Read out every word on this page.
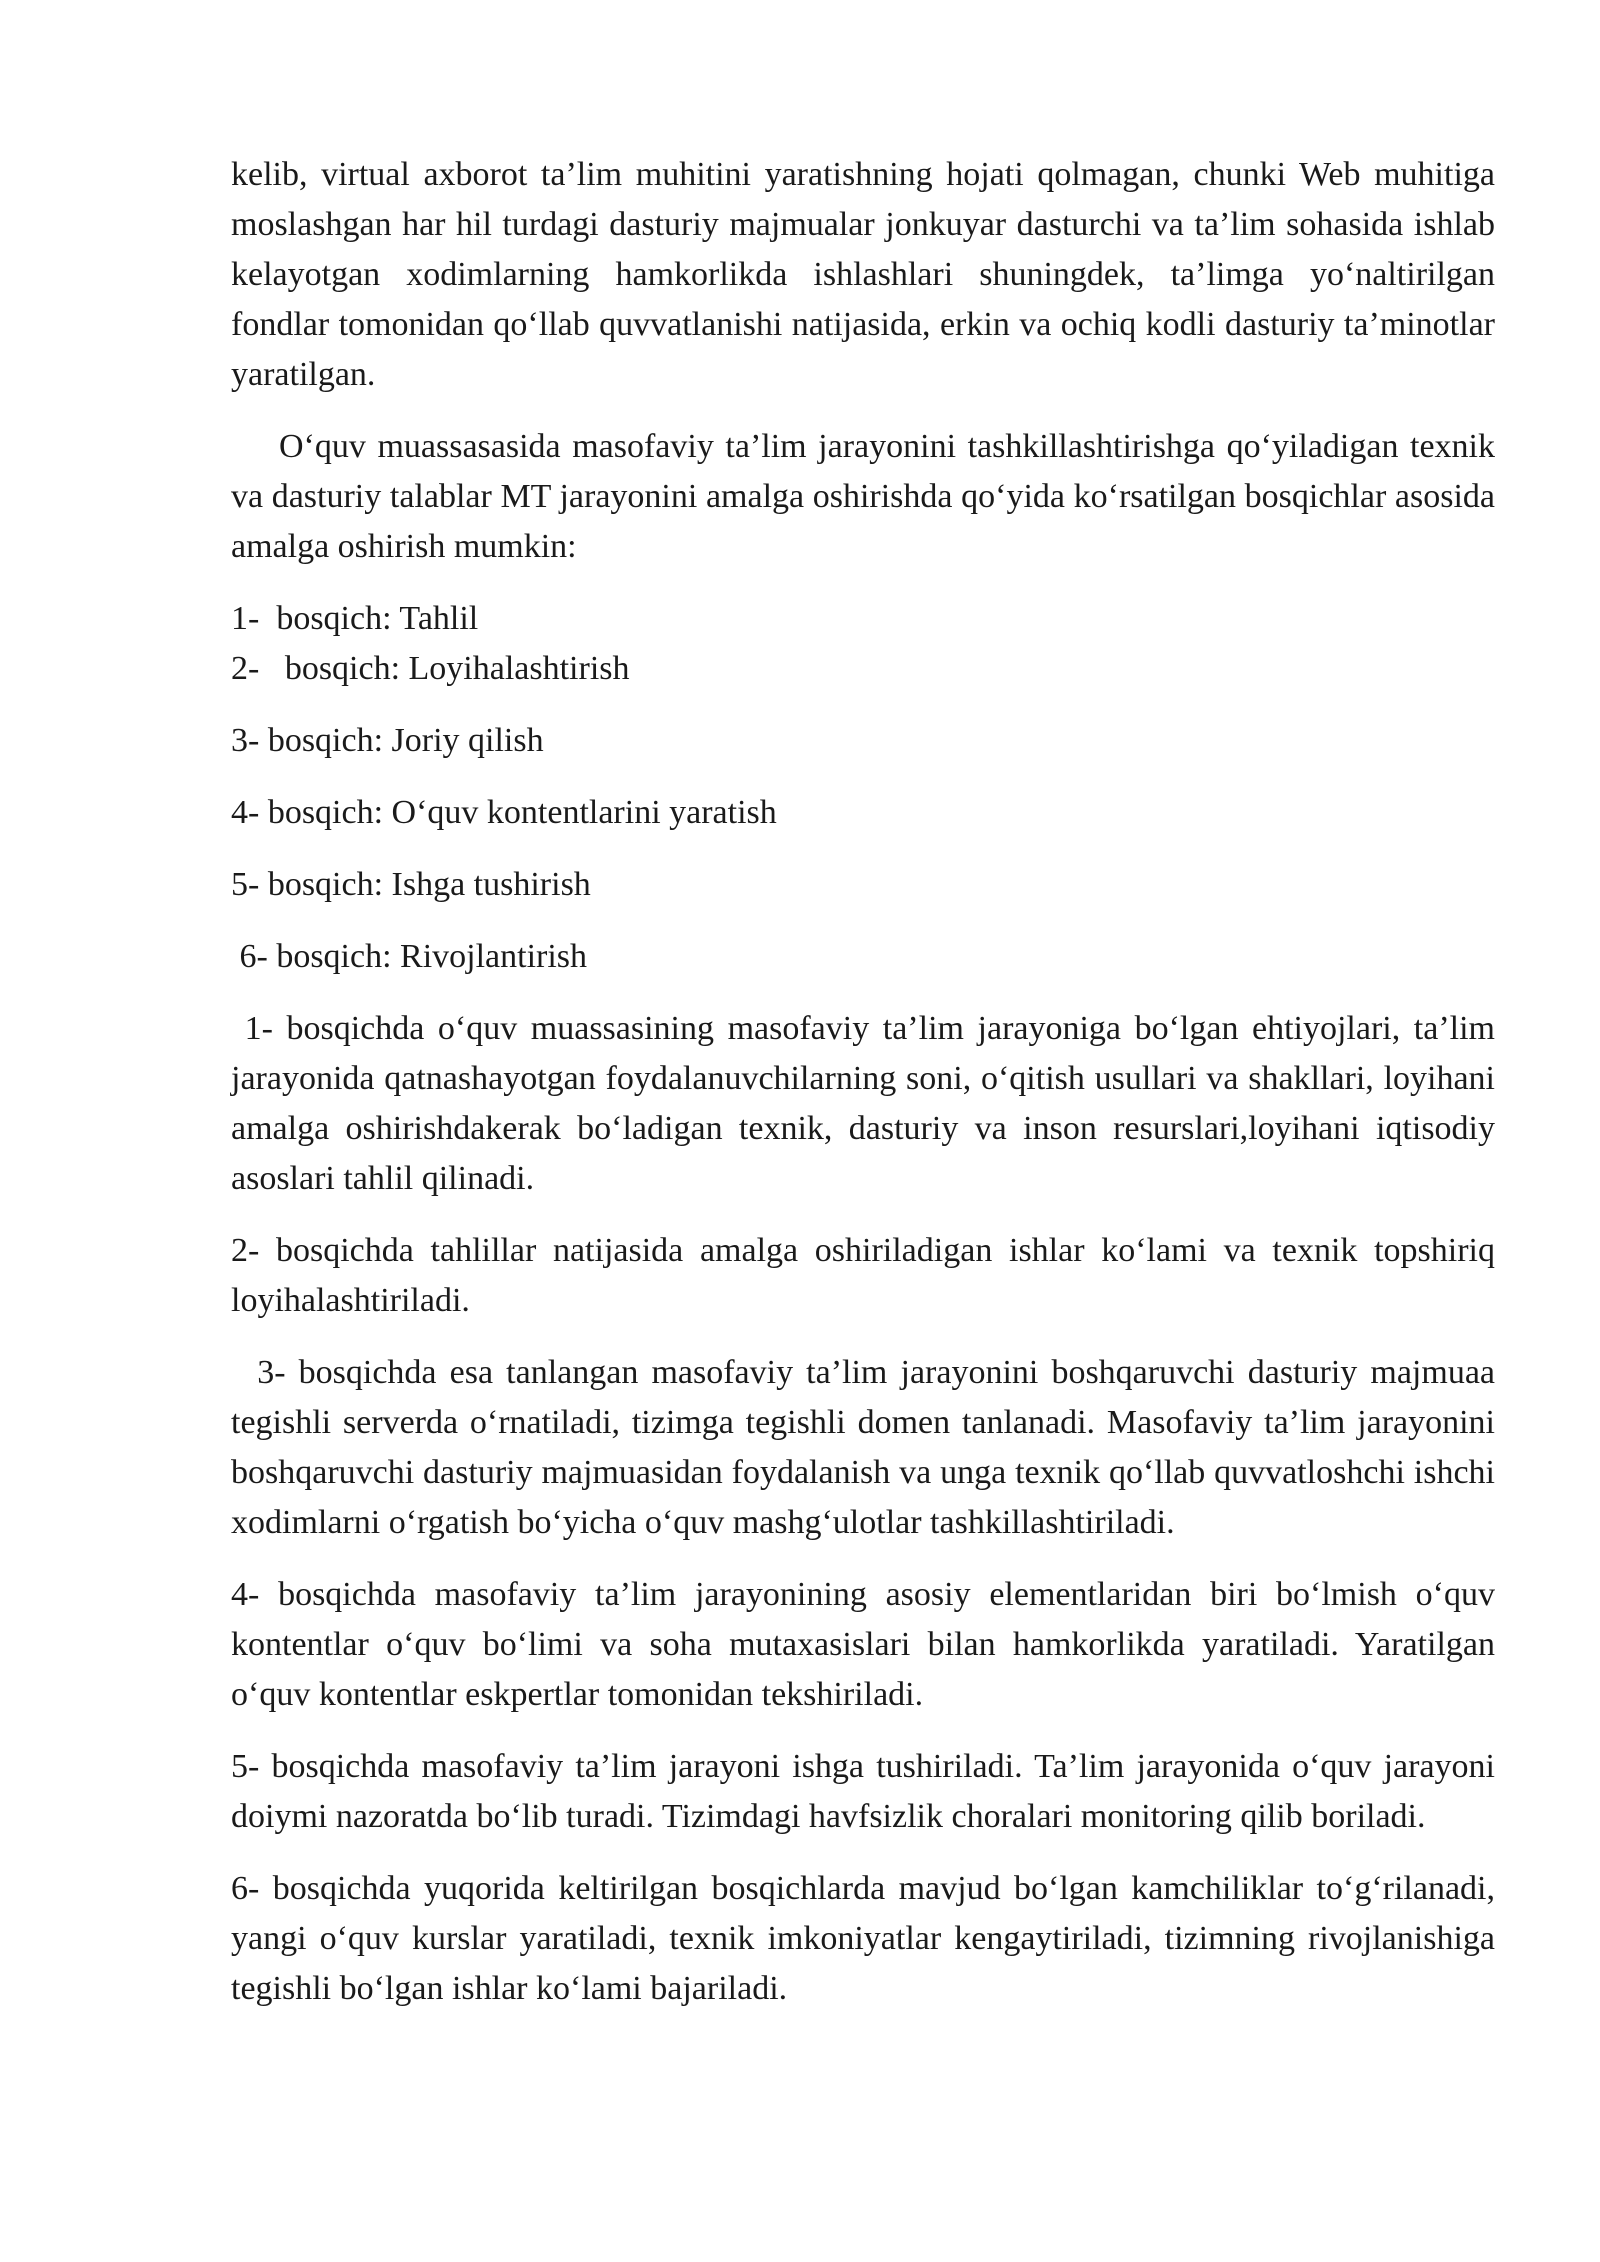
kelib, virtual axborot ta’lim muhitini yaratishning hojati qolmagan, chunki Web muhitiga moslashgan har hil turdagi dasturiy majmualar jonkuyar dasturchi va ta’lim sohasida ishlab kelayotgan xodimlarning hamkorlikda ishlashlari shuningdek, ta’limga yo‘naltirilgan fondlar tomonidan qo‘llab quvvatlanishi natijasida, erkin va ochiq kodli dasturiy ta’minotlar yaratilgan.

O‘quv muassasasida masofaviy ta’lim jarayonini tashkillashtirishga qo‘yiladigan texnik va dasturiy talablar MT jarayonini amalga oshirishda qo‘yida ko‘rsatilgan bosqichlar asosida amalga oshirish mumkin:

1-  bosqich: Tahlil

2-   bosqich: Loyihalashtirish

3- bosqich: Joriy qilish

4- bosqich: O‘quv kontentlarini yaratish

5- bosqich: Ishga tushirish

6- bosqich: Rivojlantirish

1- bosqichda o‘quv muassasining masofaviy ta’lim jarayoniga bo‘lgan ehtiyojlari, ta’lim jarayonida qatnashayotgan foydalanuvchilarning soni, o‘qitish usullari va shakllari, loyihani amalga oshirishdakerak bo‘ladigan texnik, dasturiy va inson resurslari,loyihani iqtisodiy asoslari tahlil qilinadi.

2- bosqichda tahlillar natijasida amalga oshiriladigan ishlar ko‘lami va texnik topshiriq loyihalashtiriladi.

3- bosqichda esa tanlangan masofaviy ta’lim jarayonini boshqaruvchi dasturiy majmuaa tegishli serverda o‘rnatiladi, tizimga tegishli domen tanlanadi. Masofaviy ta’lim jarayonini boshqaruvchi dasturiy majmuasidan foydalanish va unga texnik qo‘llab quvvatloshchi ishchi xodimlarni o‘rgatish bo‘yicha o‘quv mashg‘ulotlar tashkillashtiriladi.

4- bosqichda masofaviy ta’lim jarayonining asosiy elementlaridan biri bo‘lmish o‘quv kontentlar o‘quv bo‘limi va soha mutaxasislari bilan hamkorlikda yaratiladi. Yaratilgan o‘quv kontentlar eskpertlar tomonidan tekshiriladi.

5- bosqichda masofaviy ta’lim jarayoni ishga tushiriladi. Ta’lim jarayonida o‘quv jarayoni doiymi nazoratda bo‘lib turadi. Tizimdagi havfsizlik choralari monitoring qilib boriladi.

6- bosqichda yuqorida keltirilgan bosqichlarda mavjud bo‘lgan kamchiliklar to‘g‘rilanadi, yangi o‘quv kurslar yaratiladi, texnik imkoniyatlar kengaytiriladi, tizimning rivojlanishiga tegishli bo‘lgan ishlar ko‘lami bajariladi.
